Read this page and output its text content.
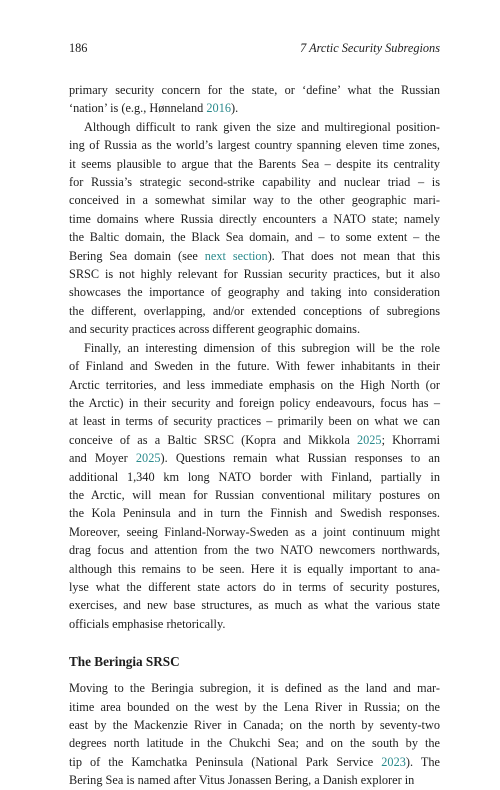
186	7 Arctic Security Subregions

primary security concern for the state, or ‘define’ what the Russian
‘nation’ is (e.g., Hønneland 2016).

Although difficult to rank given the size and multiregional position-
ing of Russia as the world’s largest country spanning eleven time zones,
it seems plausible to argue that the Barents Sea – despite its centrality
for Russia’s strategic second-strike capability and nuclear triad – is
conceived in a somewhat similar way to the other geographic mari-
time domains where Russia directly encounters a NATO state; namely
the Baltic domain, the Black Sea domain, and – to some extent – the
Bering Sea domain (see next section). That does not mean that this
SRSC is not highly relevant for Russian security practices, but it also
showcases the importance of geography and taking into consideration
the different, overlapping, and/or extended conceptions of subregions
and security practices across different geographic domains.

Finally, an interesting dimension of this subregion will be the role
of Finland and Sweden in the future. With fewer inhabitants in their
Arctic territories, and less immediate emphasis on the High North (or
the Arctic) in their security and foreign policy endeavours, focus has –
at least in terms of security practices – primarily been on what we can
conceive of as a Baltic SRSC (Kopra and Mikkola 2025; Khorrami
and Moyer 2025). Questions remain what Russian responses to an
additional 1,340 km long NATO border with Finland, partially in
the Arctic, will mean for Russian conventional military postures on
the Kola Peninsula and in turn the Finnish and Swedish responses.
Moreover, seeing Finland-Norway-Sweden as a joint continuum might
drag focus and attention from the two NATO newcomers northwards,
although this remains to be seen. Here it is equally important to ana-
lyse what the different state actors do in terms of security postures,
exercises, and new base structures, as much as what the various state
officials emphasise rhetorically.

The Beringia SRSC

Moving to the Beringia subregion, it is defined as the land and mar-
itime area bounded on the west by the Lena River in Russia; on the
east by the Mackenzie River in Canada; on the north by seventy-two
degrees north latitude in the Chukchi Sea; and on the south by the
tip of the Kamchatka Peninsula (National Park Service 2023). The
Bering Sea is named after Vitus Jonassen Bering, a Danish explorer in
